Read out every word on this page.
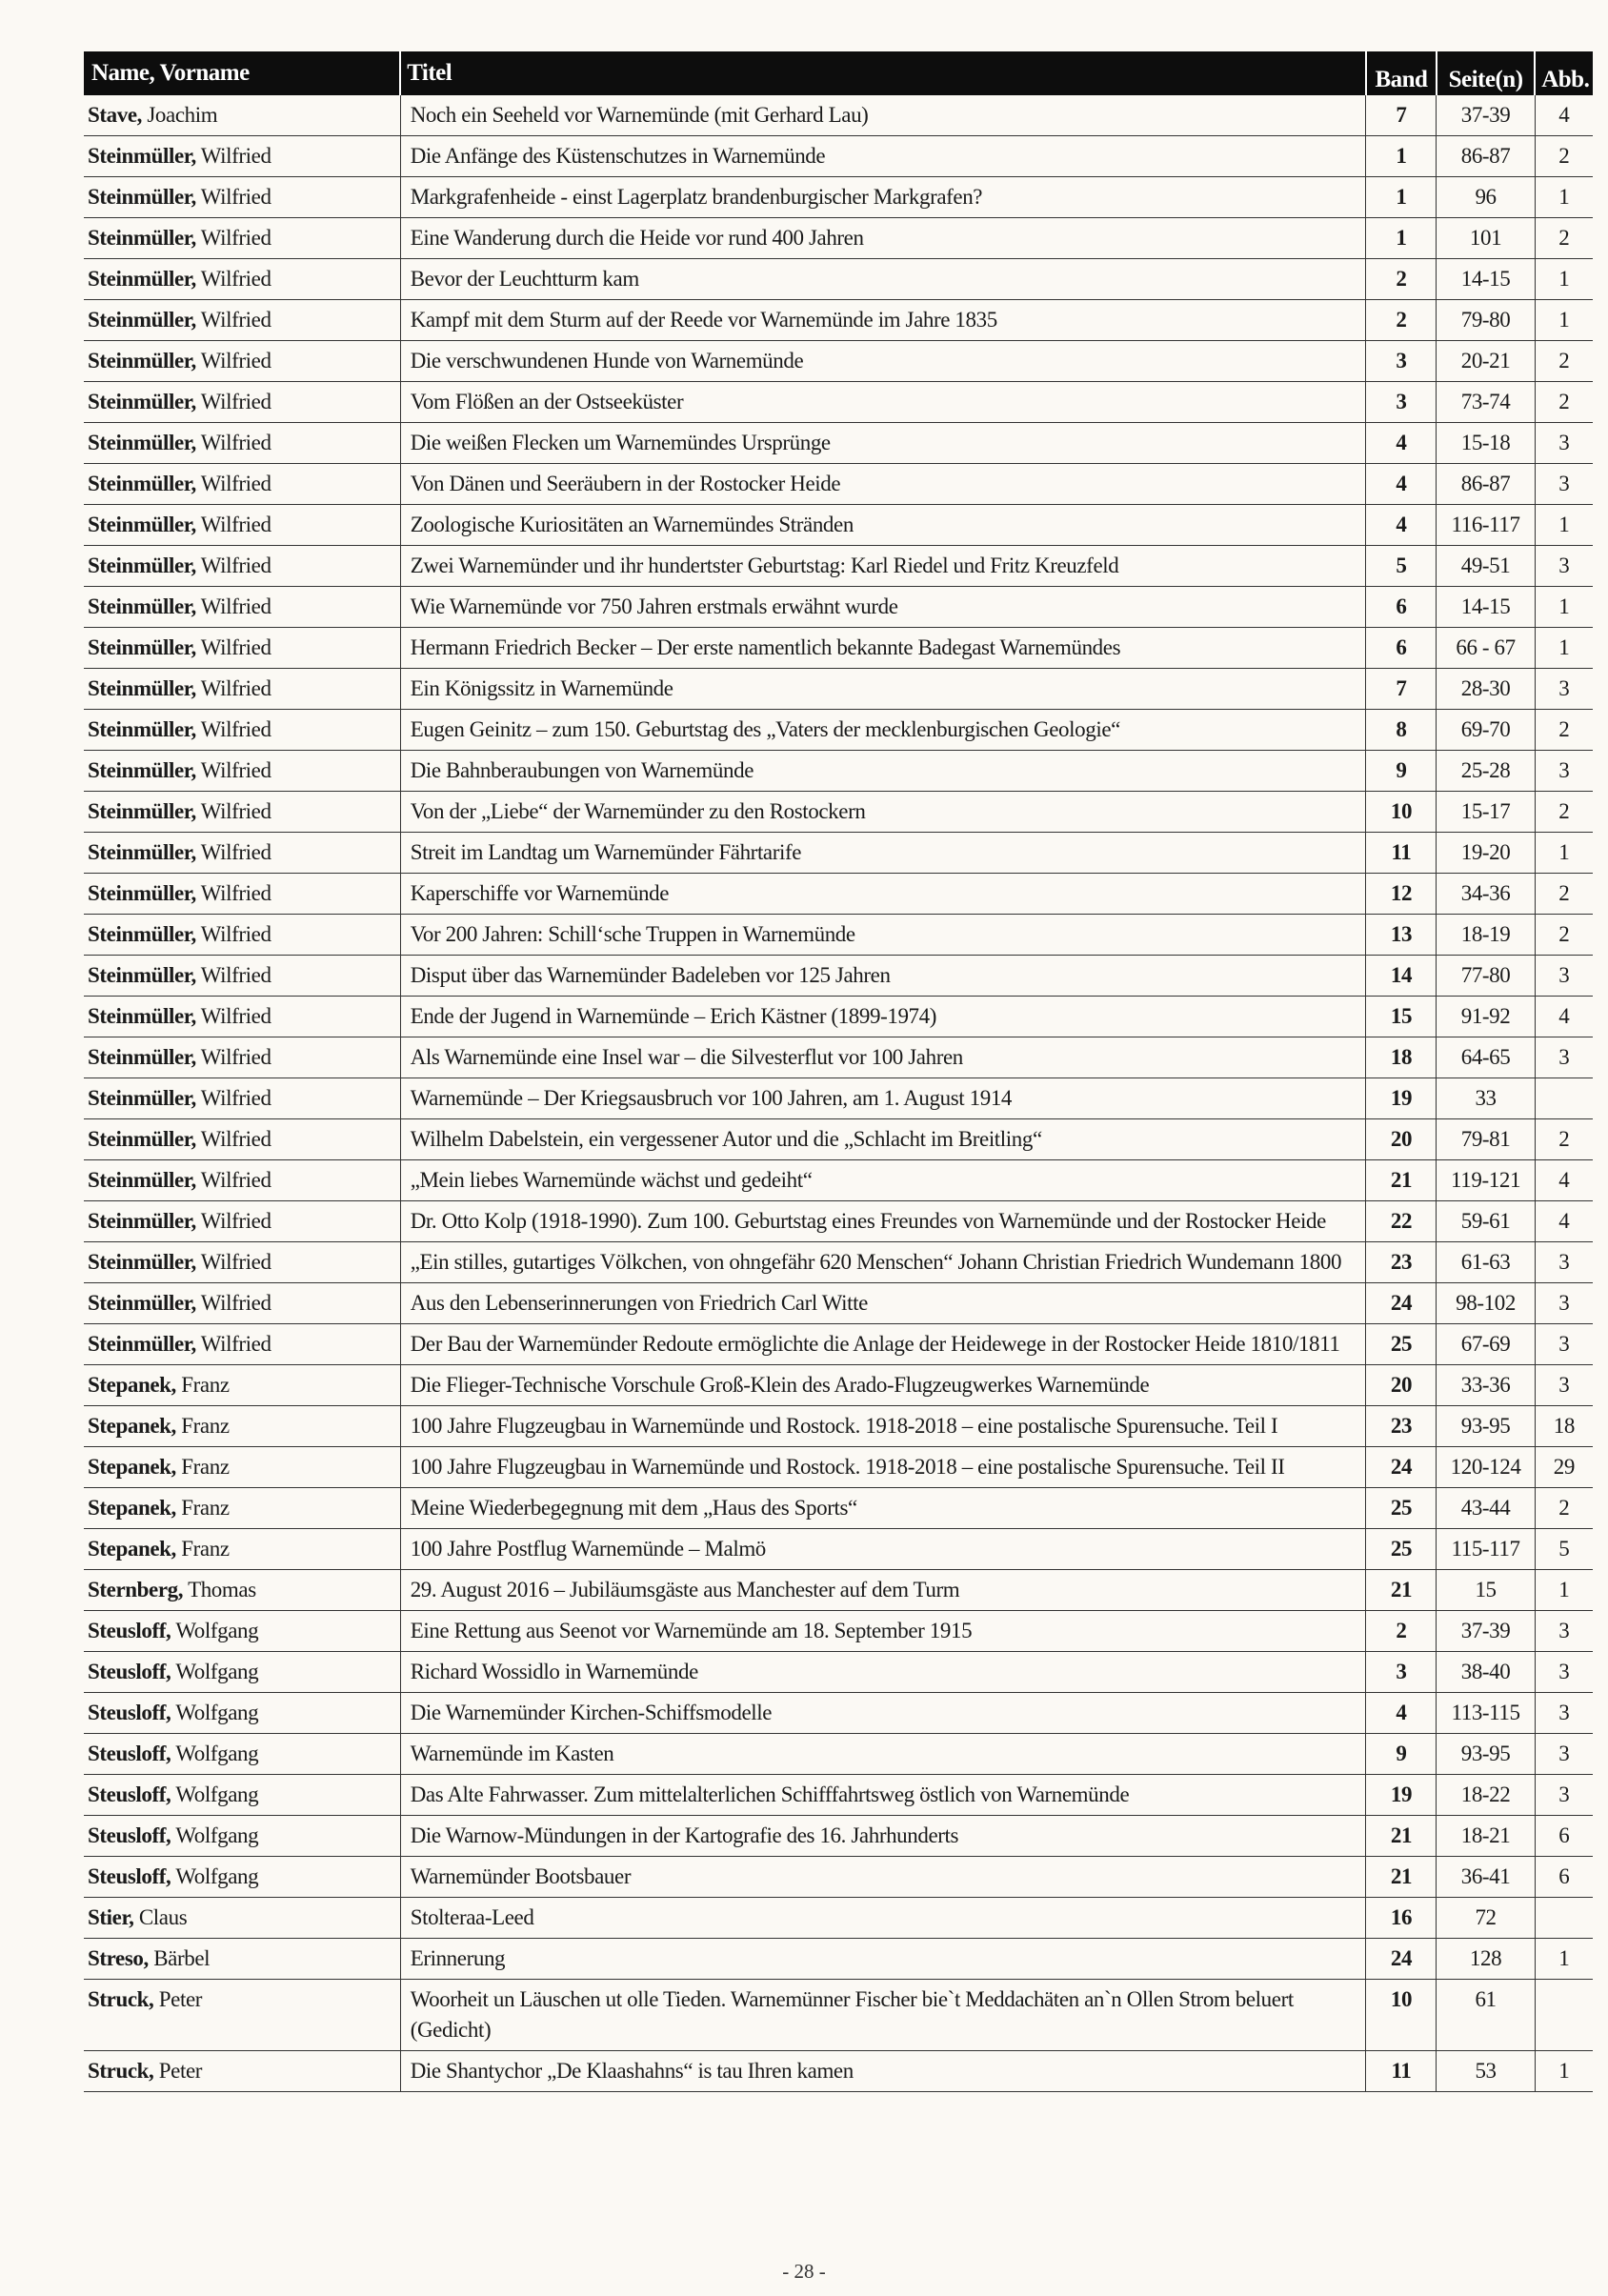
Name, Vorname	Titel	Band	Seite(n)	Abb.
Stave, Joachim	Noch ein Seeheld vor Warnemünde (mit Gerhard Lau)	7	37-39	4
Steinmüller, Wilfried	Die Anfänge des Küstenschutzes in Warnemünde	1	86-87	2
Steinmüller, Wilfried	Markgrafenheide - einst Lagerplatz brandenburgischer Markgrafen?	1	96	1
Steinmüller, Wilfried	Eine Wanderung durch die Heide vor rund 400 Jahren	1	101	2
Steinmüller, Wilfried	Bevor der Leuchtturm kam	2	14-15	1
Steinmüller, Wilfried	Kampf mit dem Sturm auf der Reede vor Warnemünde im Jahre 1835	2	79-80	1
Steinmüller, Wilfried	Die verschwundenen Hunde von Warnemünde	3	20-21	2
Steinmüller, Wilfried	Vom Flößen an der Ostseeküster	3	73-74	2
Steinmüller, Wilfried	Die weißen Flecken um Warnemündes Ursprünge	4	15-18	3
Steinmüller, Wilfried	Von Dänen und Seeräubern in der Rostocker Heide	4	86-87	3
Steinmüller, Wilfried	Zoologische Kuriositäten an Warnemündes Stränden	4	116-117	1
Steinmüller, Wilfried	Zwei Warnemünder und ihr hundertster Geburtstag: Karl Riedel und Fritz Kreuzfeld	5	49-51	3
Steinmüller, Wilfried	Wie Warnemünde vor 750 Jahren erstmals erwähnt wurde	6	14-15	1
Steinmüller, Wilfried	Hermann Friedrich Becker – Der erste namentlich bekannte Badegast Warnemündes	6	66 - 67	1
Steinmüller, Wilfried	Ein Königssitz in Warnemünde	7	28-30	3
Steinmüller, Wilfried	Eugen Geinitz – zum 150. Geburtstag des „Vaters der mecklenburgischen Geologie“	8	69-70	2
Steinmüller, Wilfried	Die Bahnberaubungen von Warnemünde	9	25-28	3
Steinmüller, Wilfried	Von der „Liebe“ der Warnemünder zu den Rostockern	10	15-17	2
Steinmüller, Wilfried	Streit im Landtag um Warnemünder Fährtarife	11	19-20	1
Steinmüller, Wilfried	Kaperschiffe vor Warnemünde	12	34-36	2
Steinmüller, Wilfried	Vor 200 Jahren: Schill‘sche Truppen in Warnemünde	13	18-19	2
Steinmüller, Wilfried	Disput über das Warnemünder Badeleben vor 125 Jahren	14	77-80	3
Steinmüller, Wilfried	Ende der Jugend in Warnemünde – Erich Kästner (1899-1974)	15	91-92	4
Steinmüller, Wilfried	Als Warnemünde eine Insel war – die Silvesterflut vor 100 Jahren	18	64-65	3
Steinmüller, Wilfried	Warnemünde – Der Kriegsausbruch vor 100 Jahren, am 1. August 1914	19	33	
Steinmüller, Wilfried	Wilhelm Dabelstein, ein vergessener Autor und die „Schlacht im Breitling“	20	79-81	2
Steinmüller, Wilfried	„Mein liebes Warnemünde wächst und gedeiht“	21	119-121	4
Steinmüller, Wilfried	Dr. Otto Kolp (1918-1990). Zum 100. Geburtstag eines Freundes von Warnemünde und der Rostocker Heide	22	59-61	4
Steinmüller, Wilfried	„Ein stilles, gutartiges Völkchen, von ohngefähr 620 Menschen“ Johann Christian Friedrich Wundemann 1800	23	61-63	3
Steinmüller, Wilfried	Aus den Lebenserinnerungen von Friedrich Carl Witte	24	98-102	3
Steinmüller, Wilfried	Der Bau der Warnemünder Redoute ermöglichte die Anlage der Heidewege in der Rostocker Heide 1810/1811	25	67-69	3
Stepanek, Franz	Die Flieger-Technische Vorschule Groß-Klein des Arado-Flugzeugwerkes Warnemünde	20	33-36	3
Stepanek, Franz	100 Jahre Flugzeugbau in Warnemünde und Rostock. 1918-2018 – eine postalische Spurensuche. Teil I	23	93-95	18
Stepanek, Franz	100 Jahre Flugzeugbau in Warnemünde und Rostock. 1918-2018 – eine postalische Spurensuche. Teil II	24	120-124	29
Stepanek, Franz	Meine Wiederbegegnung mit dem „Haus des Sports“	25	43-44	2
Stepanek, Franz	100 Jahre Postflug Warnemünde – Malmö	25	115-117	5
Sternberg, Thomas	29. August 2016 – Jubiläumsgäste aus Manchester auf dem Turm	21	15	1
Steusloff, Wolfgang	Eine Rettung aus Seenot vor Warnemünde am 18. September 1915	2	37-39	3
Steusloff, Wolfgang	Richard Wossidlo in Warnemünde	3	38-40	3
Steusloff, Wolfgang	Die Warnemünder Kirchen-Schiffsmodelle	4	113-115	3
Steusloff, Wolfgang	Warnemünde im Kasten	9	93-95	3
Steusloff, Wolfgang	Das Alte Fahrwasser. Zum mittelalterlichen Schifffahrtsweg östlich von Warnemünde	19	18-22	3
Steusloff, Wolfgang	Die Warnow-Mündungen in der Kartografie des 16. Jahrhunderts	21	18-21	6
Steusloff, Wolfgang	Warnemünder Bootsbauer	21	36-41	6
Stier, Claus	Stolteraa-Leed	16	72	
Streso, Bärbel	Erinnerung	24	128	1
Struck, Peter	Woorheit un Läuschen ut olle Tieden. Warnemünner Fischer bie`t Meddachäten an`n Ollen Strom beluert (Gedicht)	10	61	
Struck, Peter	Die Shantychor „De Klaashahns“ is tau Ihren kamen	11	53	1
- 28 -
